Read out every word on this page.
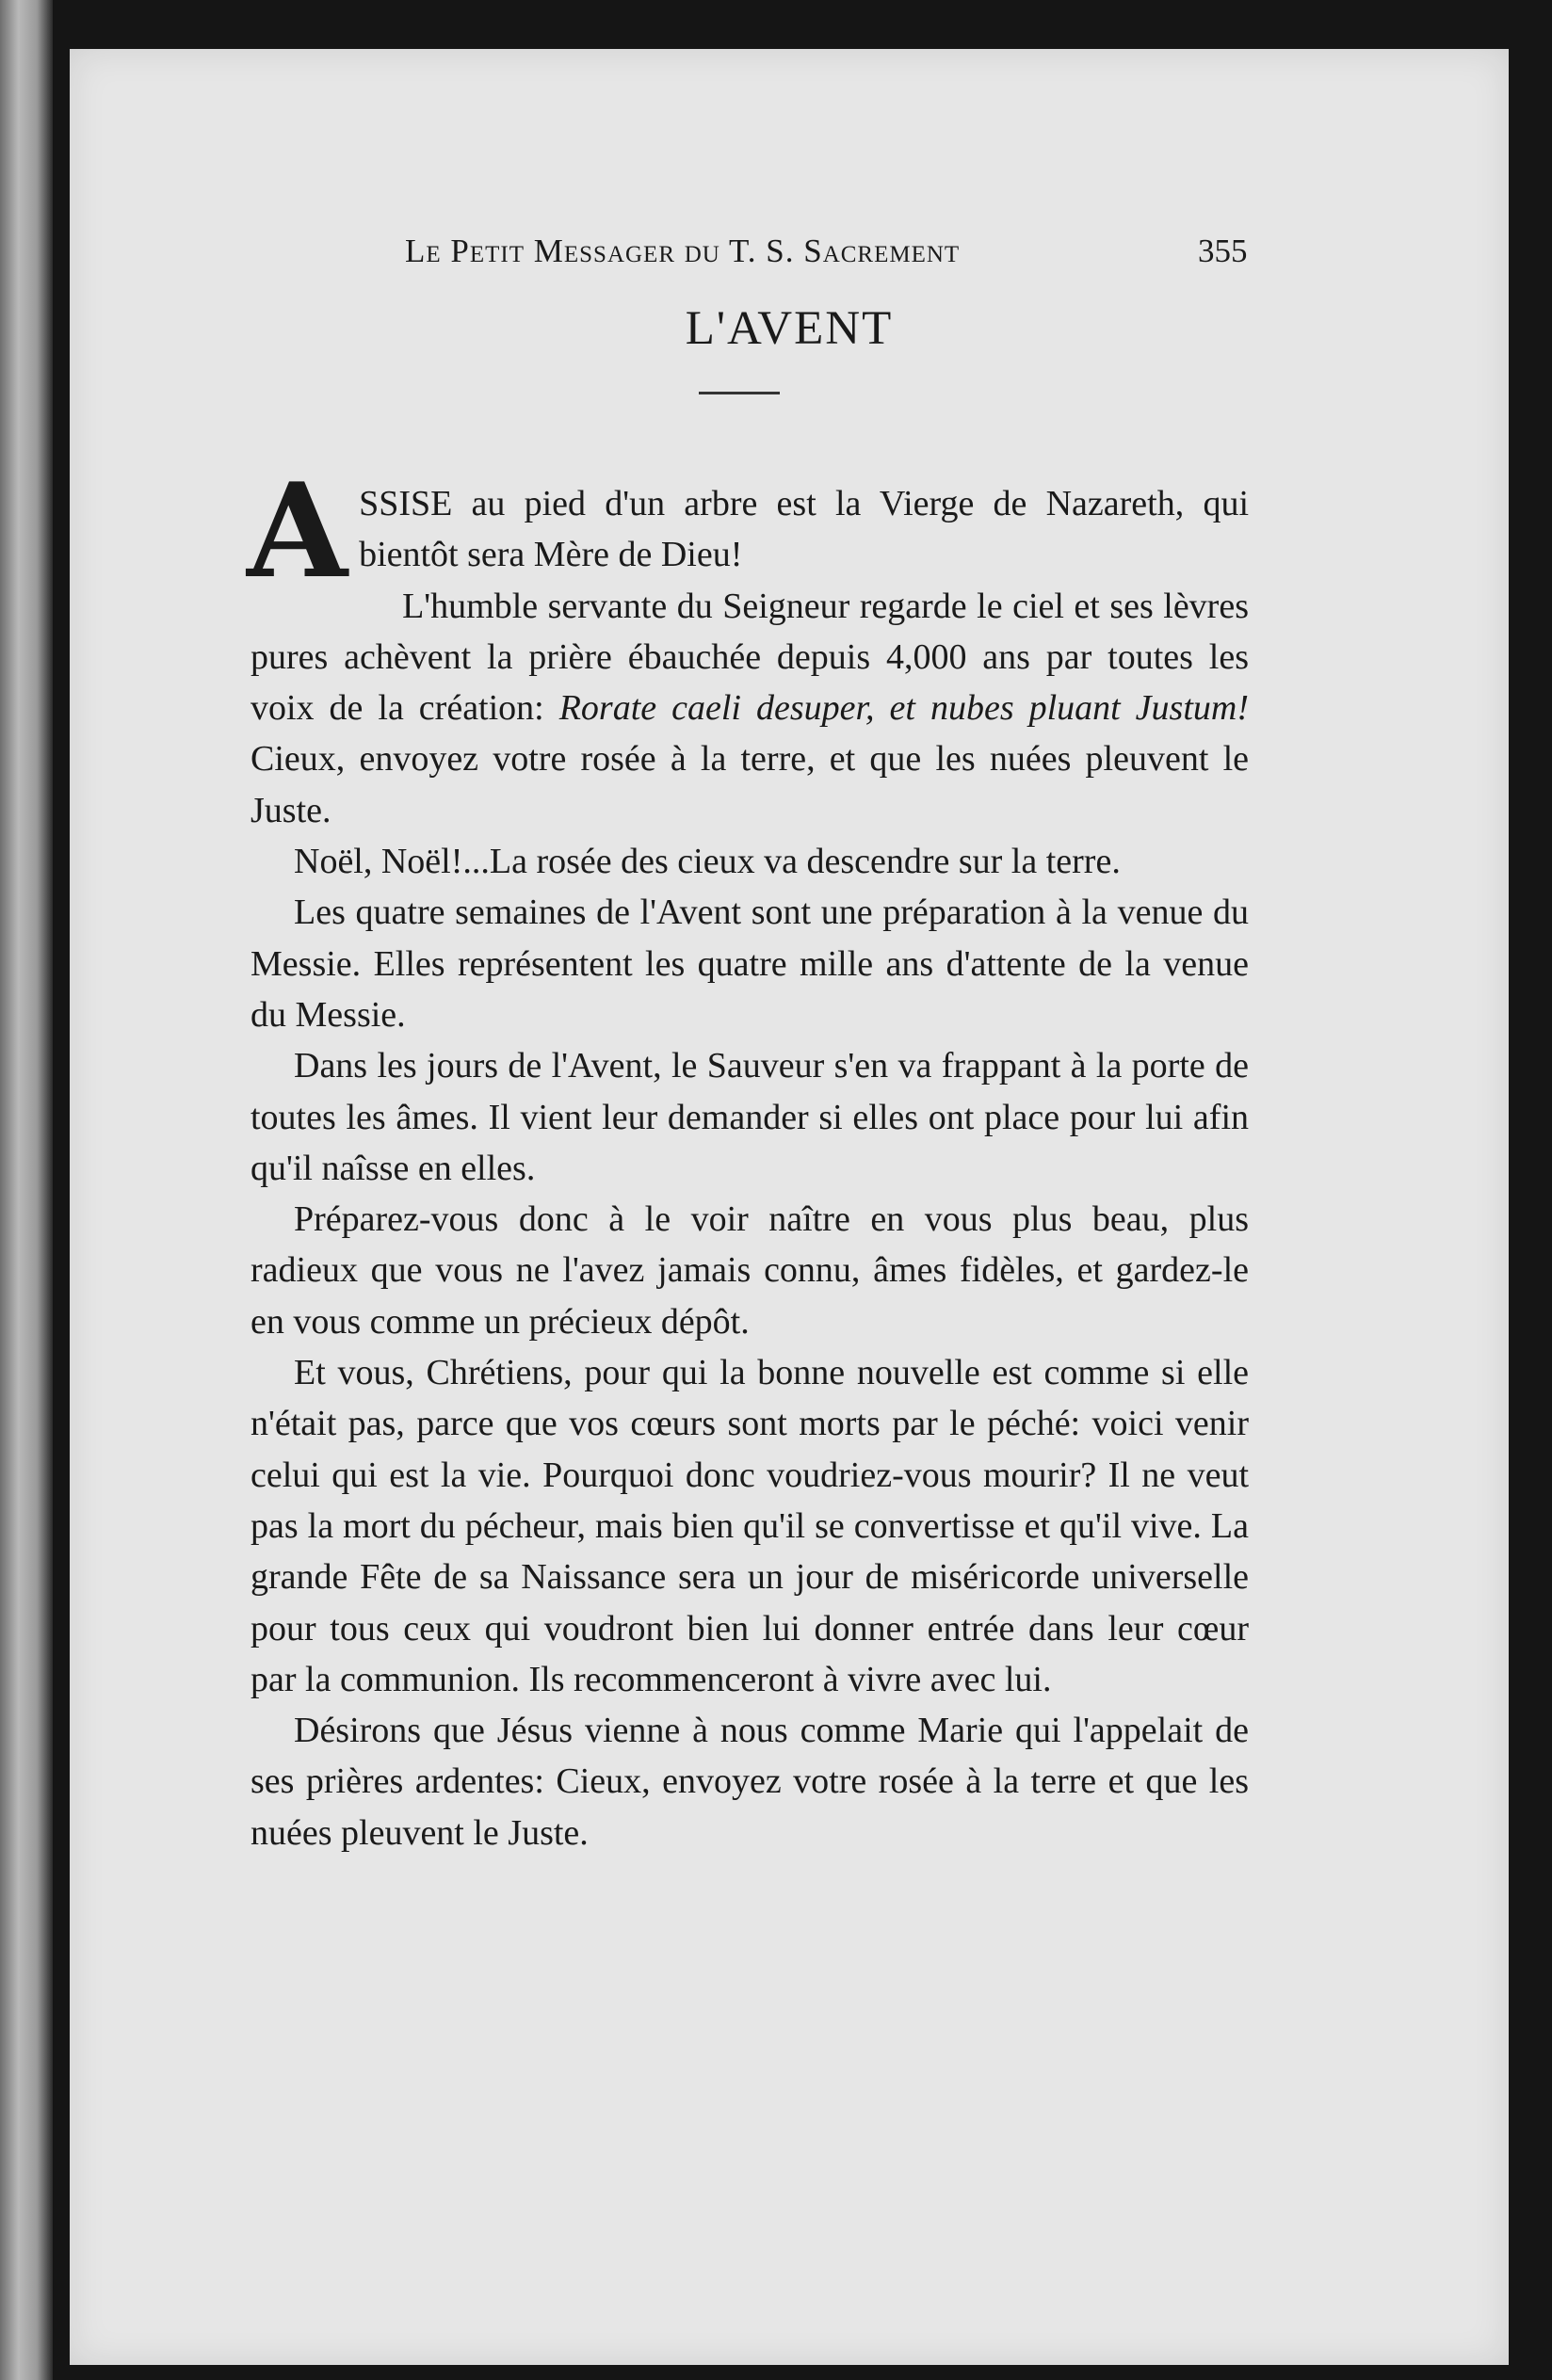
Le Petit Messager du T. S. Sacrement	355
L'AVENT

ASSISE au pied d'un arbre est la Vierge de Nazareth, qui bientôt sera Mère de Dieu!

L'humble servante du Seigneur regarde le ciel et ses lèvres pures achèvent la prière ébauchée depuis 4,000 ans par toutes les voix de la création: Rorate caeli desuper, et nubes pluant Justum! Cieux, envoyez votre rosée à la terre, et que les nuées pleuvent le Juste.

Noël, Noël!...La rosée des cieux va descendre sur la terre.

Les quatre semaines de l'Avent sont une préparation à la venue du Messie. Elles représentent les quatre mille ans d'attente de la venue du Messie.

Dans les jours de l'Avent, le Sauveur s'en va frappant à la porte de toutes les âmes. Il vient leur demander si elles ont place pour lui afin qu'il naîsse en elles.

Préparez-vous donc à le voir naître en vous plus beau, plus radieux que vous ne l'avez jamais connu, âmes fidèles, et gardez-le en vous comme un précieux dépôt.

Et vous, Chrétiens, pour qui la bonne nouvelle est comme si elle n'était pas, parce que vos cœurs sont morts par le péché: voici venir celui qui est la vie. Pourquoi donc voudriez-vous mourir? Il ne veut pas la mort du pécheur, mais bien qu'il se convertisse et qu'il vive. La grande Fête de sa Naissance sera un jour de miséricorde universelle pour tous ceux qui voudront bien lui donner entrée dans leur cœur par la communion. Ils recommenceront à vivre avec lui.

Désirons que Jésus vienne à nous comme Marie qui l'appelait de ses prières ardentes: Cieux, envoyez votre rosée à la terre et que les nuées pleuvent le Juste.
